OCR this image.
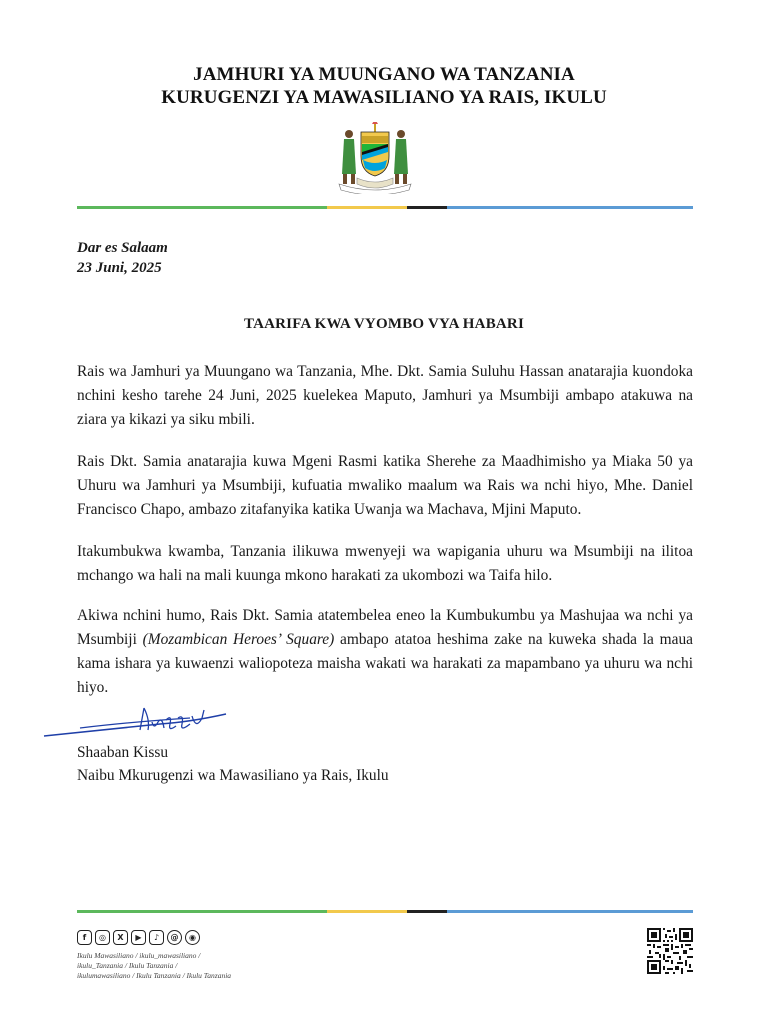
JAMHURI YA MUUNGANO WA TANZANIA
KURUGENZI YA MAWASILIANO YA RAIS, IKULU
Dar es Salaam
23 Juni, 2025
TAARIFA KWA VYOMBO VYA HABARI

Rais wa Jamhuri ya Muungano wa Tanzania, Mhe. Dkt. Samia Suluhu Hassan anatarajia kuondoka nchini kesho tarehe 24 Juni, 2025 kuelekea Maputo, Jamhuri ya Msumbiji ambapo atakuwa na ziara ya kikazi ya siku mbili.

Rais Dkt. Samia anatarajia kuwa Mgeni Rasmi katika Sherehe za Maadhimisho ya Miaka 50 ya Uhuru wa Jamhuri ya Msumbiji, kufuatia mwaliko maalum wa Rais wa nchi hiyo, Mhe. Daniel Francisco Chapo, ambazo zitafanyika katika Uwanja wa Machava, Mjini Maputo.

Itakumbukwa kwamba, Tanzania ilikuwa mwenyeji wa wapigania uhuru wa Msumbiji na ilitoa mchango wa hali na mali kuunga mkono harakati za ukombozi wa Taifa hilo.

Akiwa nchini humo, Rais Dkt. Samia atatembelea eneo la Kumbukumbu ya Mashujaa wa nchi ya Msumbiji (Mozambican Heroes’ Square) ambapo atatoa heshima zake na kuweka shada la maua kama ishara ya kuwaenzi waliopoteza maisha wakati wa harakati za mapambano ya uhuru wa nchi hiyo.

Shaaban Kissu
Naibu Mkurugenzi wa Mawasiliano ya Rais, Ikulu
f	◎	X	▶	♪	@	◉
Ikulu Mawasiliano / ikulu_mawasiliano /
ikulu_Tanzania / Ikulu Tanzania /
ikulumawasiliano / Ikulu Tanzania / Ikulu Tanzania
